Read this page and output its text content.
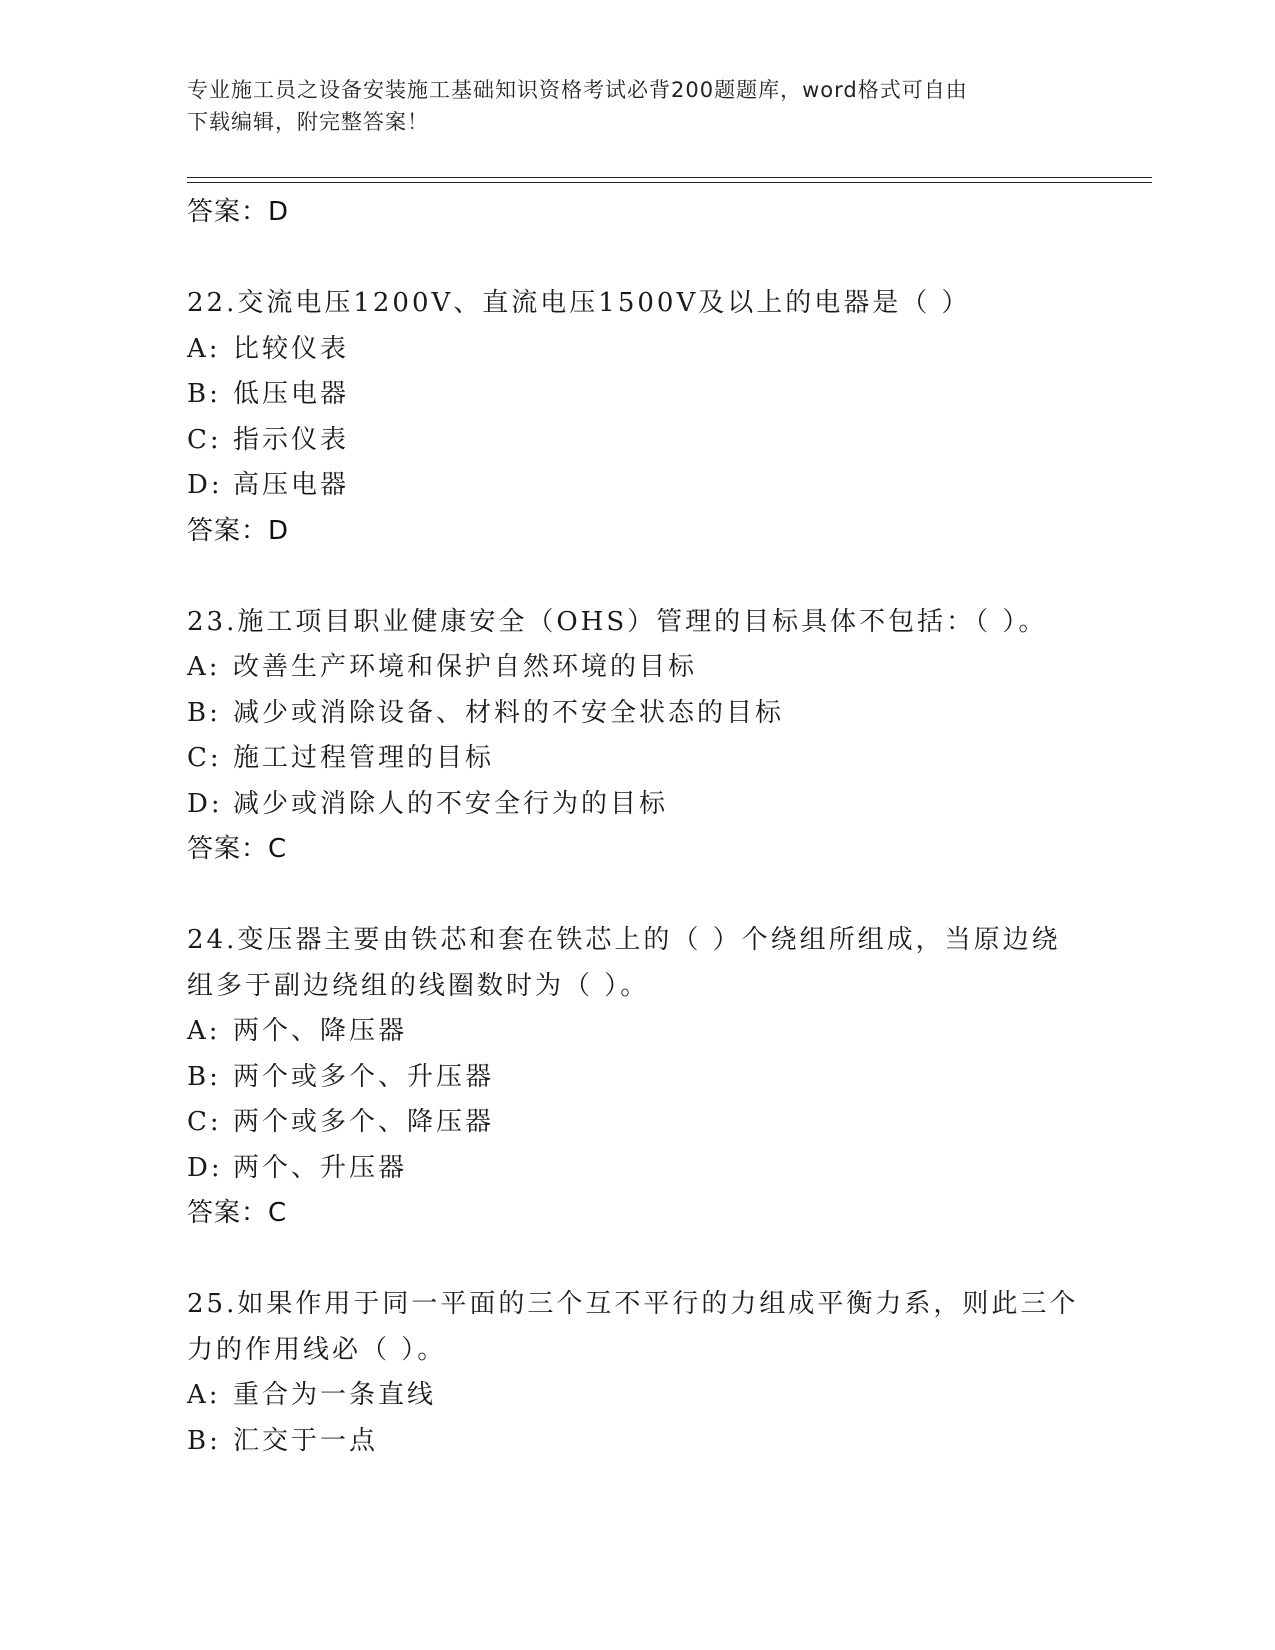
专业施工员之设备安装施工基础知识资格考试必背200题题库，word格式可自由
下载编辑，附完整答案！
答案：D
22.交流电压1200V、直流电压1500V及以上的电器是（ ）
A: 比较仪表
B: 低压电器
C: 指示仪表
D: 高压电器
答案：D
23.施工项目职业健康安全（OHS）管理的目标具体不包括：（ ）。
A: 改善生产环境和保护自然环境的目标
B: 减少或消除设备、材料的不安全状态的目标
C: 施工过程管理的目标
D: 减少或消除人的不安全行为的目标
答案：C
24.变压器主要由铁芯和套在铁芯上的（ ）个绕组所组成，当原边绕
组多于副边绕组的线圈数时为（ ）。
A: 两个、降压器
B: 两个或多个、升压器
C: 两个或多个、降压器
D: 两个、升压器
答案：C
25.如果作用于同一平面的三个互不平行的力组成平衡力系，则此三个
力的作用线必（ ）。
A: 重合为一条直线
B: 汇交于一点
